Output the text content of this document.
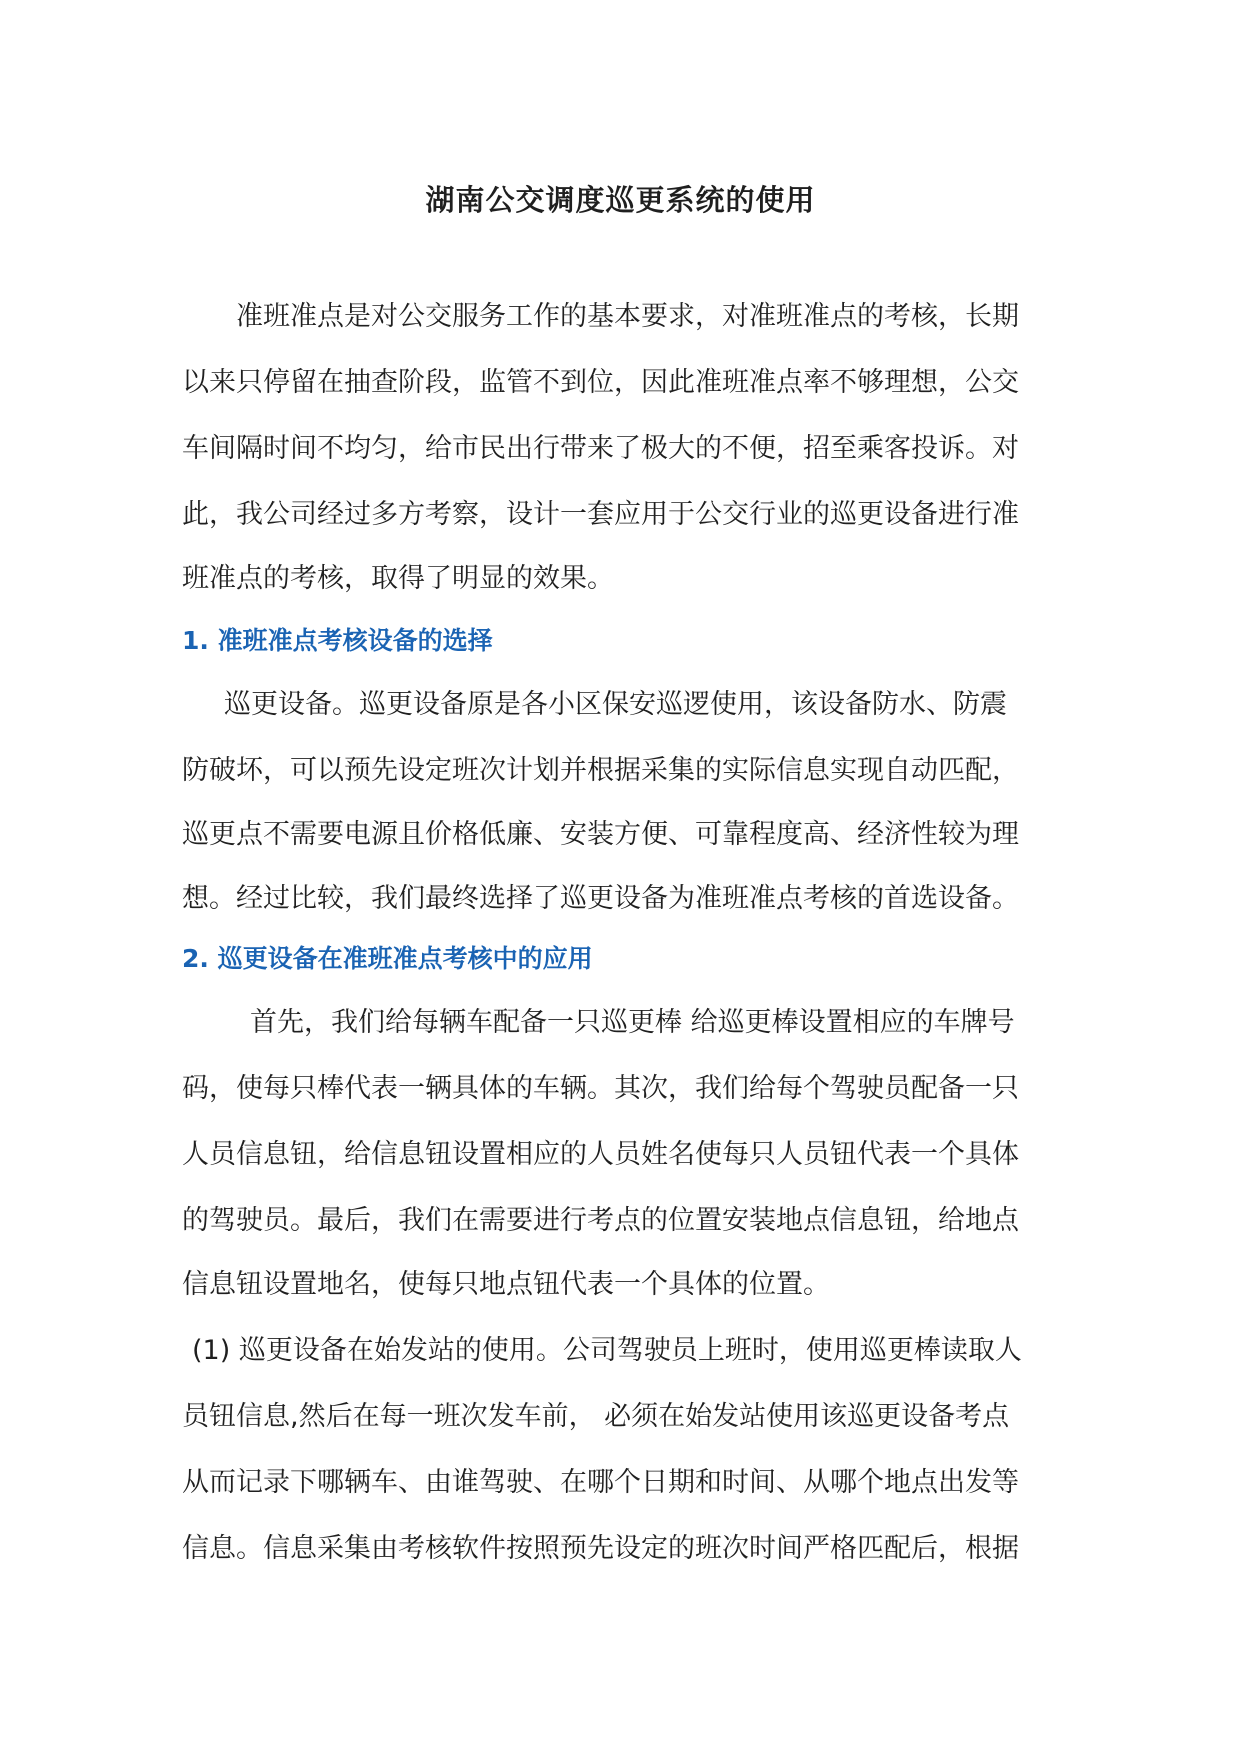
湖南公交调度巡更系统的使用

准班准点是对公交服务工作的基本要求，对准班准点的考核，长期

以来只停留在抽查阶段，监管不到位，因此准班准点率不够理想，公交

车间隔时间不均匀，给市民出行带来了极大的不便，招至乘客投诉。对

此，我公司经过多方考察，设计一套应用于公交行业的巡更设备进行准

班准点的考核，取得了明显的效果。

1. 准班准点考核设备的选择

巡更设备。巡更设备原是各小区保安巡逻使用，该设备防水、防震

防破坏，可以预先设定班次计划并根据采集的实际信息实现自动匹配，

巡更点不需要电源且价格低廉、安装方便、可靠程度高、经济性较为理

想。经过比较，我们最终选择了巡更设备为准班准点考核的首选设备。

2. 巡更设备在准班准点考核中的应用

首先，我们给每辆车配备一只巡更棒 给巡更棒设置相应的车牌号

码，使每只棒代表一辆具体的车辆。其次，我们给每个驾驶员配备一只

人员信息钮，给信息钮设置相应的人员姓名使每只人员钮代表一个具体

的驾驶员。最后，我们在需要进行考点的位置安装地点信息钮，给地点

信息钮设置地名，使每只地点钮代表一个具体的位置。

(1) 巡更设备在始发站的使用。公司驾驶员上班时，使用巡更棒读取人

员钮信息,然后在每一班次发车前， 必须在始发站使用该巡更设备考点

从而记录下哪辆车、由谁驾驶、在哪个日期和时间、从哪个地点出发等

信息。信息采集由考核软件按照预先设定的班次时间严格匹配后，根据
